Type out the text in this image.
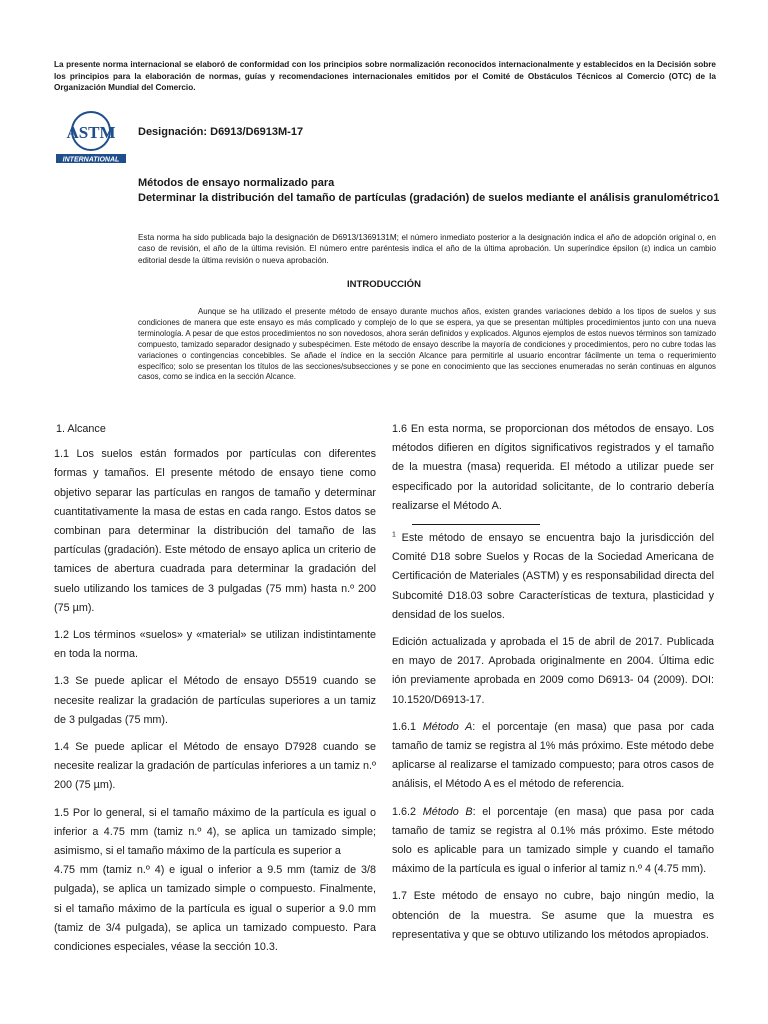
La presente norma internacional se elaboró de conformidad con los principios sobre normalización reconocidos internacionalmente y establecidos en la Decisión sobre los principios para la elaboración de normas, guías y recomendaciones internacionales emitidos por el Comité de Obstáculos Técnicos al Comercio (OTC) de la Organización Mundial del Comercio.
ASTM
INTERNATIONAL
Designación: D6913/D6913M-17
Métodos de ensayo normalizado para
Determinar la distribución del tamaño de partículas (gradación) de suelos mediante el análisis granulométrico1
Esta norma ha sido publicada bajo la designación de D6913/1369131M; el número inmediato posterior a la designación indica el año de adopción original o, en caso de revisión, el año de la última revisión. El número entre paréntesis indica el año de la última aprobación. Un superíndice épsilon (ε) indica un cambio editorial desde la última revisión o nueva aprobación.
INTRODUCCIÓN
Aunque se ha utilizado el presente método de ensayo durante muchos años, existen grandes variaciones debido a los tipos de suelos y sus condiciones de manera que este ensayo es más complicado y complejo de lo que se espera, ya que se presentan múltiples procedimientos junto con una nueva terminología. A pesar de que estos procedimientos no son novedosos, ahora serán definidos y explicados. Algunos ejemplos de estos nuevos términos son tamizado compuesto, tamizado separador designado y subespécimen. Este método de ensayo describe la mayoría de condiciones y procedimientos, pero no cubre todas las variaciones o contingencias concebibles. Se añade el índice en la sección Alcance para permitirle al usuario encontrar fácilmente un tema o requerimiento específico; solo se presentan los títulos de las secciones/subsecciones y se pone en conocimiento que las secciones enumeradas no serán continuas en algunos casos, como se indica en la sección Alcance.

1. Alcance

1.1 Los suelos están formados por partículas con diferentes formas y tamaños. El presente método de ensayo tiene como objetivo separar las partículas en rangos de tamaño y determinar cuantitativamente la masa de estas en cada rango. Estos datos se combinan para determinar la distribución del tamaño de las partículas (gradación). Este método de ensayo aplica un criterio de tamices de abertura cuadrada para determinar la gradación del suelo utilizando los tamices de 3 pulgadas (75 mm) hasta n.º 200 (75 µm).

1.2 Los términos «suelos» y «material» se utilizan indistintamente en toda la norma.

1.3 Se puede aplicar el Método de ensayo D5519 cuando se necesite realizar la gradación de partículas superiores a un tamiz de 3 pulgadas (75 mm).

1.4 Se puede aplicar el Método de ensayo D7928 cuando se necesite realizar la gradación de partículas inferiores a un tamiz n.º 200 (75 µm).

1.5 Por lo general, si el tamaño máximo de la partícula es igual o inferior a 4.75 mm (tamiz n.º 4), se aplica un tamizado simple; asimismo, si el tamaño máximo de la partícula es superior a

4.75 mm (tamiz n.º 4) e igual o inferior a 9.5 mm (tamiz de 3/8 pulgada), se aplica un tamizado simple o compuesto. Finalmente, si el tamaño máximo de la partícula es igual o superior a 9.0 mm (tamiz de 3/4 pulgada), se aplica un tamizado compuesto. Para condiciones especiales, véase la sección 10.3.

1.6 En esta norma, se proporcionan dos métodos de ensayo. Los métodos difieren en dígitos significativos registrados y el tamaño de la muestra (masa) requerida. El método a utilizar puede ser especificado por la autoridad solicitante, de lo contrario debería realizarse el Método A.

$^1$ Este método de ensayo se encuentra bajo la jurisdicción del Comité D18 sobre Suelos y Rocas de la Sociedad Americana de Certificación de Materiales (ASTM) y es responsabilidad directa del Subcomité D18.03 sobre Características de textura, plasticidad y densidad de los suelos.

Edición actualizada y aprobada el 15 de abril de 2017. Publicada en mayo de 2017. Aprobada originalmente en 2004. Última edic ión previamente aprobada en 2009 como D6913- 04 (2009). DOI: 10.1520/D6913-17.

1.6.1 Método A: el porcentaje (en masa) que pasa por cada tamaño de tamiz se registra al 1% más próximo. Este método debe aplicarse al realizarse el tamizado compuesto; para otros casos de análisis, el Método A es el método de referencia.

1.6.2 Método B: el porcentaje (en masa) que pasa por cada tamaño de tamiz se registra al 0.1% más próximo. Este método solo es aplicable para un tamizado simple y cuando el tamaño máximo de la partícula es igual o inferior al tamiz n.º 4 (4.75 mm).

1.7 Este método de ensayo no cubre, bajo ningún medio, la obtención de la muestra. Se asume que la muestra es representativa y que se obtuvo utilizando los métodos apropiados.
